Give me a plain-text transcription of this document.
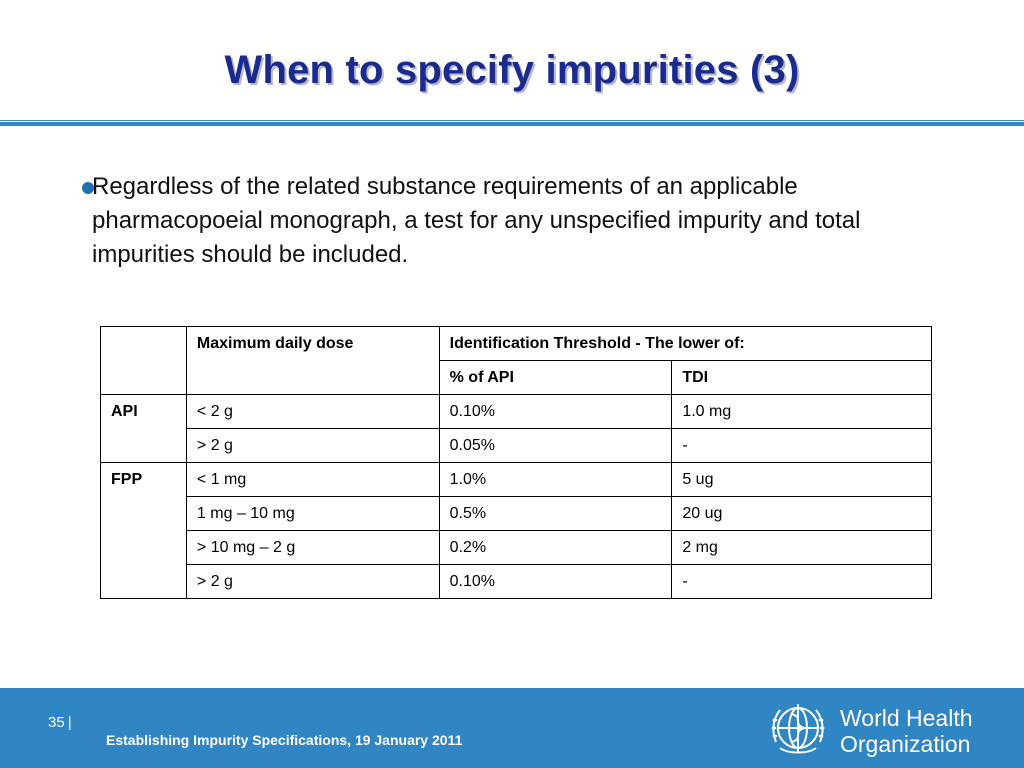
When to specify impurities (3)
Regardless of the related substance requirements of an applicable pharmacopoeial monograph, a test for any unspecified impurity and total impurities should be included.
	Maximum daily dose	Identification Threshold - The lower of:	
		% of API	TDI
API	< 2 g	0.10%	1.0 mg
	> 2 g	0.05%	-
FPP	< 1 mg	1.0%	5 ug
	1 mg – 10 mg	0.5%	20 ug
	> 10 mg – 2 g	0.2%	2 mg
	> 2 g	0.10%	-
35 |
Establishing Impurity Specifications, 19 January 2011
World Health
Organization
